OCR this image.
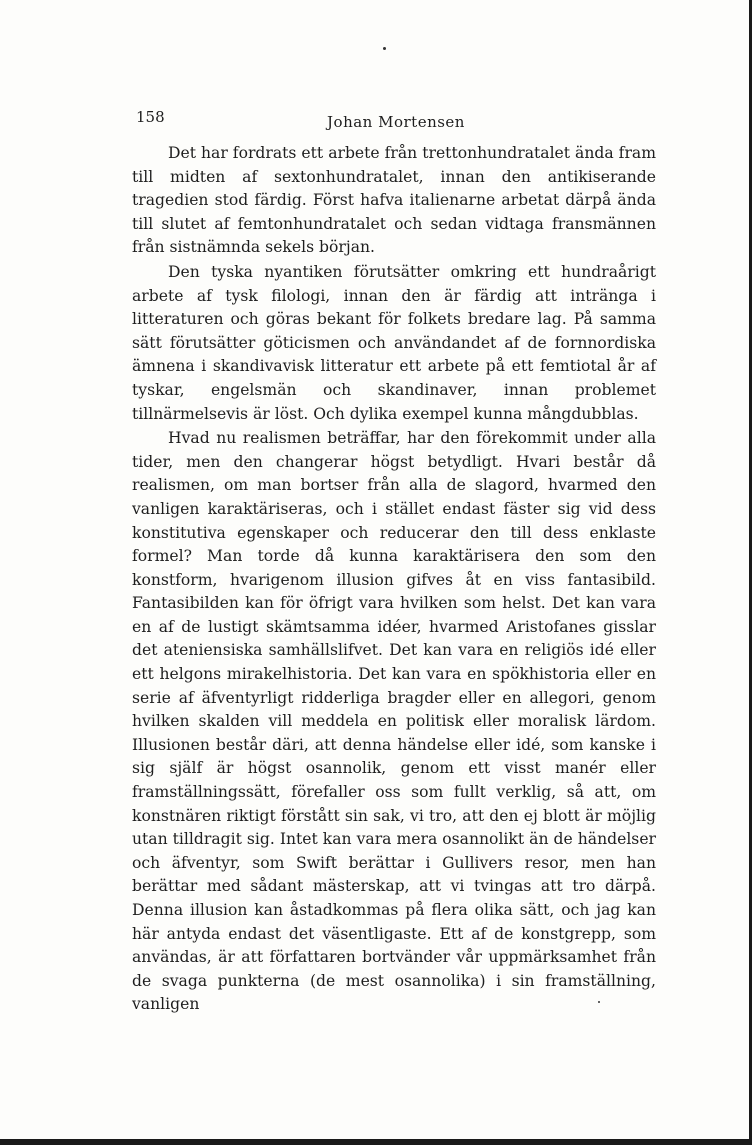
158	Johan Mortensen

Det har fordrats ett arbete från trettonhundratalet ända fram till midten af sextonhundratalet, innan den antikiserande tragedien stod färdig. Först hafva italienarne arbetat därpå ända till slutet af femtonhundratalet och sedan vidtaga fransmännen från sistnämnda sekels början.

Den tyska nyantiken förutsätter omkring ett hundraårigt arbete af tysk filologi, innan den är färdig att intränga i litteraturen och göras bekant för folkets bredare lag. På samma sätt förutsätter göticismen och användandet af de fornnordiska ämnena i skandivavisk litteratur ett arbete på ett femtiotal år af tyskar, engelsmän och skandinaver, innan problemet tillnärmelsevis är löst. Och dylika exempel kunna mångdubblas.

Hvad nu realismen beträffar, har den förekommit under alla tider, men den changerar högst betydligt. Hvari består då realismen, om man bortser från alla de slagord, hvarmed den vanligen karaktäriseras, och i stället endast fäster sig vid dess konstitutiva egenskaper och reducerar den till dess enklaste formel? Man torde då kunna karaktärisera den som den konstform, hvarigenom illusion gifves åt en viss fantasibild. Fantasibilden kan för öfrigt vara hvilken som helst. Det kan vara en af de lustigt skämtsamma idéer, hvarmed Aristofanes gisslar det ateniensiska samhällslifvet. Det kan vara en religiös idé eller ett helgons mirakelhistoria. Det kan vara en spökhistoria eller en serie af äfventyrligt ridderliga bragder eller en allegori, genom hvilken skalden vill meddela en politisk eller moralisk lärdom. Illusionen består däri, att denna händelse eller idé, som kanske i sig själf är högst osannolik, genom ett visst manér eller framställningssätt, förefaller oss som fullt verklig, så att, om konstnären riktigt förstått sin sak, vi tro, att den ej blott är möjlig utan tilldragit sig. Intet kan vara mera osannolikt än de händelser och äfventyr, som Swift berättar i Gullivers resor, men han berättar med sådant mästerskap, att vi tvingas att tro därpå. Denna illusion kan åstadkommas på flera olika sätt, och jag kan här antyda endast det väsentligaste. Ett af de konstgrepp, som användas, är att författaren bortvänder vår uppmärksamhet från de svaga punkterna (de mest osannolika) i sin framställning, vanligen
